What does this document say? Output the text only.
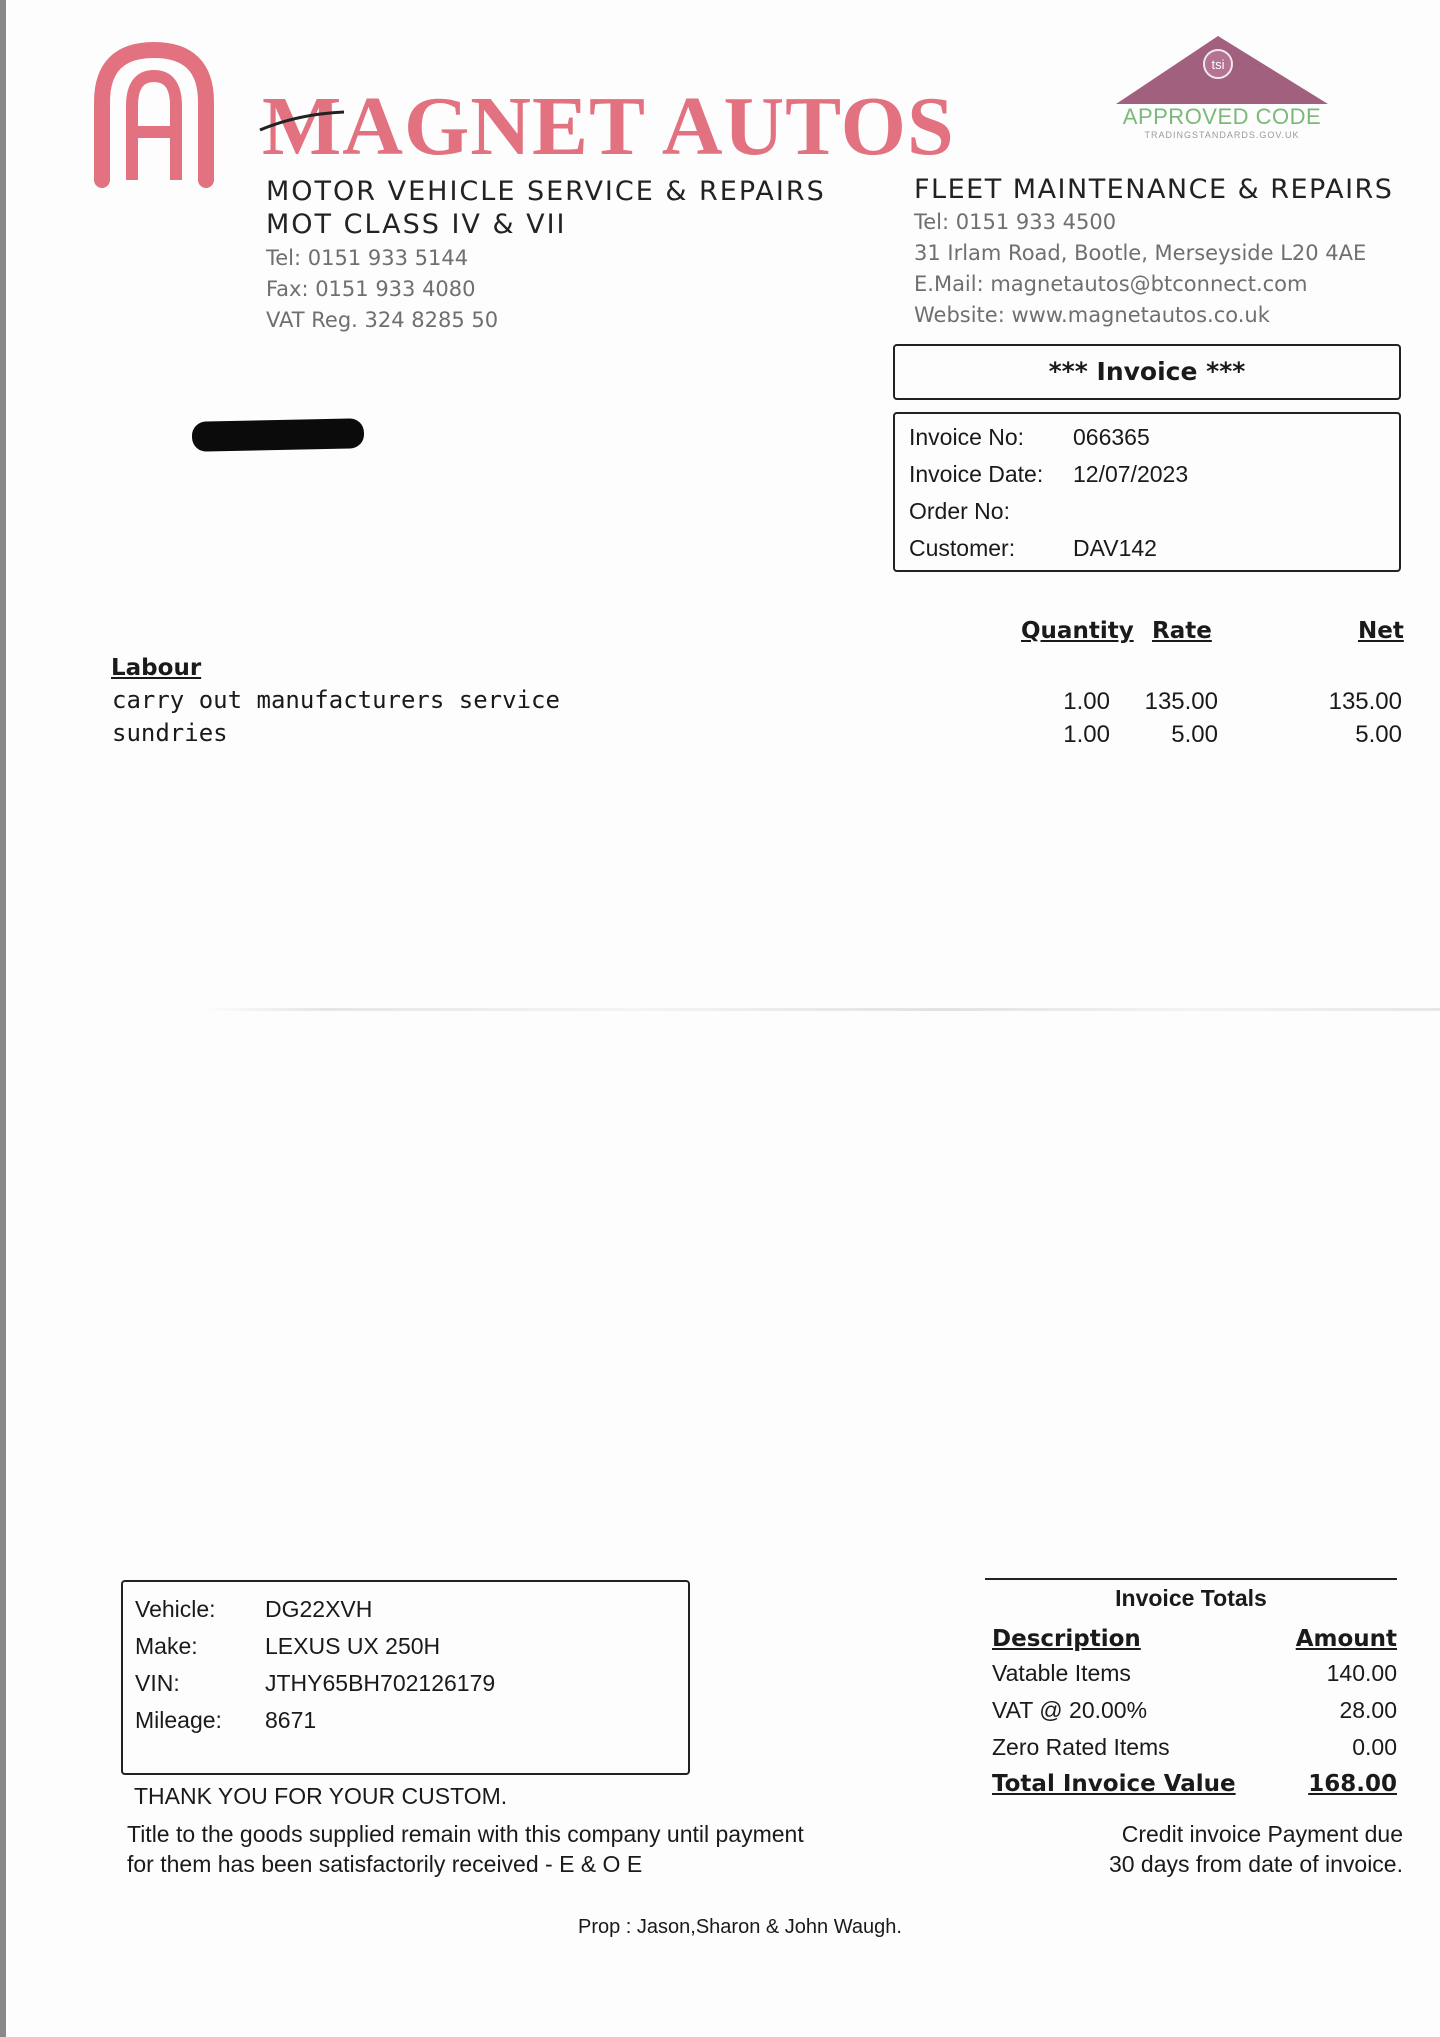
MAGNET AUTOS
MOTOR VEHICLE SERVICE & REPAIRS
MOT CLASS IV & VII
Tel: 0151 933 5144
Fax: 0151 933 4080
VAT Reg. 324 8285 50
FLEET MAINTENANCE & REPAIRS
Tel: 0151 933 4500
31 Irlam Road, Bootle, Merseyside L20 4AE
E.Mail: magnetautos@btconnect.com
Website: www.magnetautos.co.uk
tsi
APPROVED CODE
TRADINGSTANDARDS.GOV.UK
*** Invoice ***
Invoice No: 066365
Invoice Date: 12/07/2023
Order No:
Customer:	DAV142
Quantity Rate	Net
Labour
carry out manufacturers service	1.00	135.00	135.00
sundries	1.00	5.00	5.00
Vehicle: DG22XVH
Make:	LEXUS UX 250H
VIN:	JTHY65BH702126179
Mileage: 8671
Invoice Totals
Description	Amount
Vatable Items	140.00
VAT @ 20.00%	28.00
Zero Rated Items	0.00
Total Invoice Value	168.00
THANK YOU FOR YOUR CUSTOM.
Title to the goods supplied remain with this company until payment
for them has been satisfactorily received - E & O E
Credit invoice Payment due
30 days from date of invoice.
Prop : Jason,Sharon & John Waugh.
